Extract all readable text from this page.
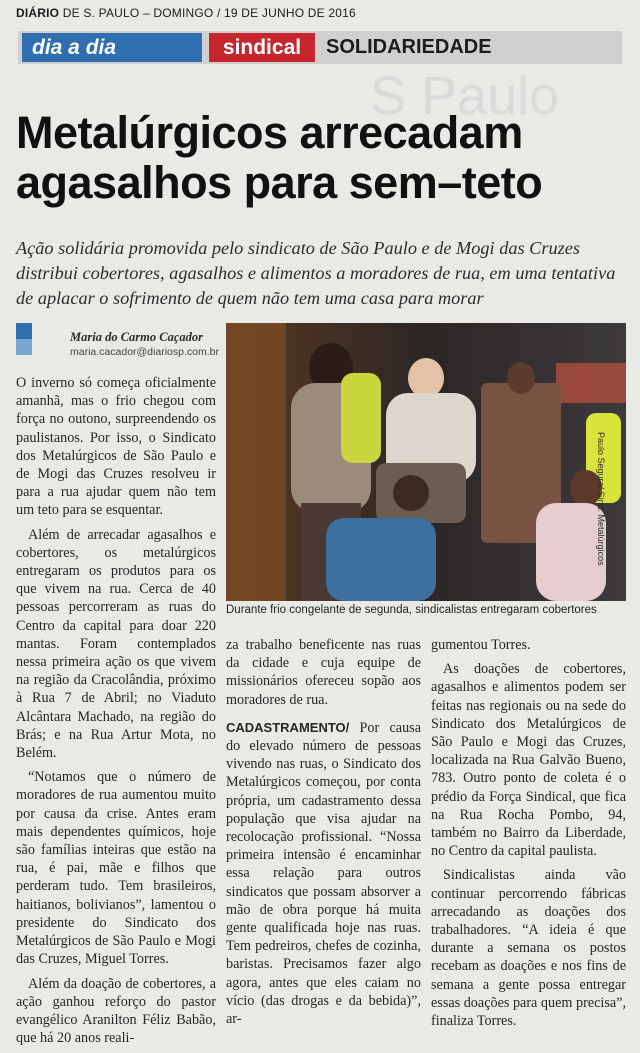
DIÁRIO DE S. PAULO – DOMINGO / 19 DE JUNHO DE 2016
dia a dia	sindical	SOLIDARIEDADE
S Paulo
Metalúrgicos arrecadam agasalhos para sem–teto
Ação solidária promovida pelo sindicato de São Paulo e de Mogi das Cruzes distribui cobertores, agasalhos e alimentos a moradores de rua, em uma tentativa de aplacar o sofrimento de quem não tem uma casa para morar
Maria do Carmo Caçador
maria.cacador@diariosp.com.br
Paulo Segura/ Sind. Metalúrgicos
Durante frio congelante de segunda, sindicalistas entregaram cobertores

O inverno só começa oficialmente amanhã, mas o frio chegou com força no outono, surpreendendo os paulistanos. Por isso, o Sindicato dos Metalúrgicos de São Paulo e de Mogi das Cruzes resolveu ir para a rua ajudar quem não tem um teto para se esquentar.

Além de arrecadar agasalhos e cobertores, os metalúrgicos entregaram os produtos para os que vivem na rua. Cerca de 40 pessoas percorreram as ruas do Centro da capital para doar 220 mantas. Foram contemplados nessa primeira ação os que vivem na região da Cracolândia, próximo à Rua 7 de Abril; no Viaduto Alcântara Machado, na região do Brás; e na Rua Artur Mota, no Belém.

“Notamos que o número de moradores de rua aumentou muito por causa da crise. Antes eram mais dependentes químicos, hoje são famílias inteiras que estão na rua, é pai, mãe e filhos que perderam tudo. Tem brasileiros, haitianos, bolivianos”, lamentou o presidente do Sindicato dos Metalúrgicos de São Paulo e Mogi das Cruzes, Miguel Torres.

Além da doação de cobertores, a ação ganhou reforço do pastor evangélico Aranilton Féliz Babão, que há 20 anos reali-

za trabalho beneficente nas ruas da cidade e cuja equipe de missionários ofereceu sopão aos moradores de rua.

CADASTRAMENTO/ Por causa do elevado número de pessoas vivendo nas ruas, o Sindicato dos Metalúrgicos começou, por conta própria, um cadastramento dessa população que visa ajudar na recolocação profissional. “Nossa primeira intensão é encaminhar essa relação para outros sindicatos que possam absorver a mão de obra porque há muita gente qualificada hoje nas ruas. Tem pedreiros, chefes de cozinha, baristas. Precisamos fazer algo agora, antes que eles caiam no vício (das drogas e da bebida)”, ar-

gumentou Torres.

As doações de cobertores, agasalhos e alimentos podem ser feitas nas regionais ou na sede do Sindicato dos Metalúrgicos de São Paulo e Mogi das Cruzes, localizada na Rua Galvão Bueno, 783. Outro ponto de coleta é o prédio da Força Sindical, que fica na Rua Rocha Pombo, 94, também no Bairro da Liberdade, no Centro da capital paulista.

Sindicalistas ainda vão continuar percorrendo fábricas arrecadando as doações dos trabalhadores. “A ideia é que durante a semana os postos recebam as doações e nos fins de semana a gente possa entregar essas doações para quem precisa”, finaliza Torres.
